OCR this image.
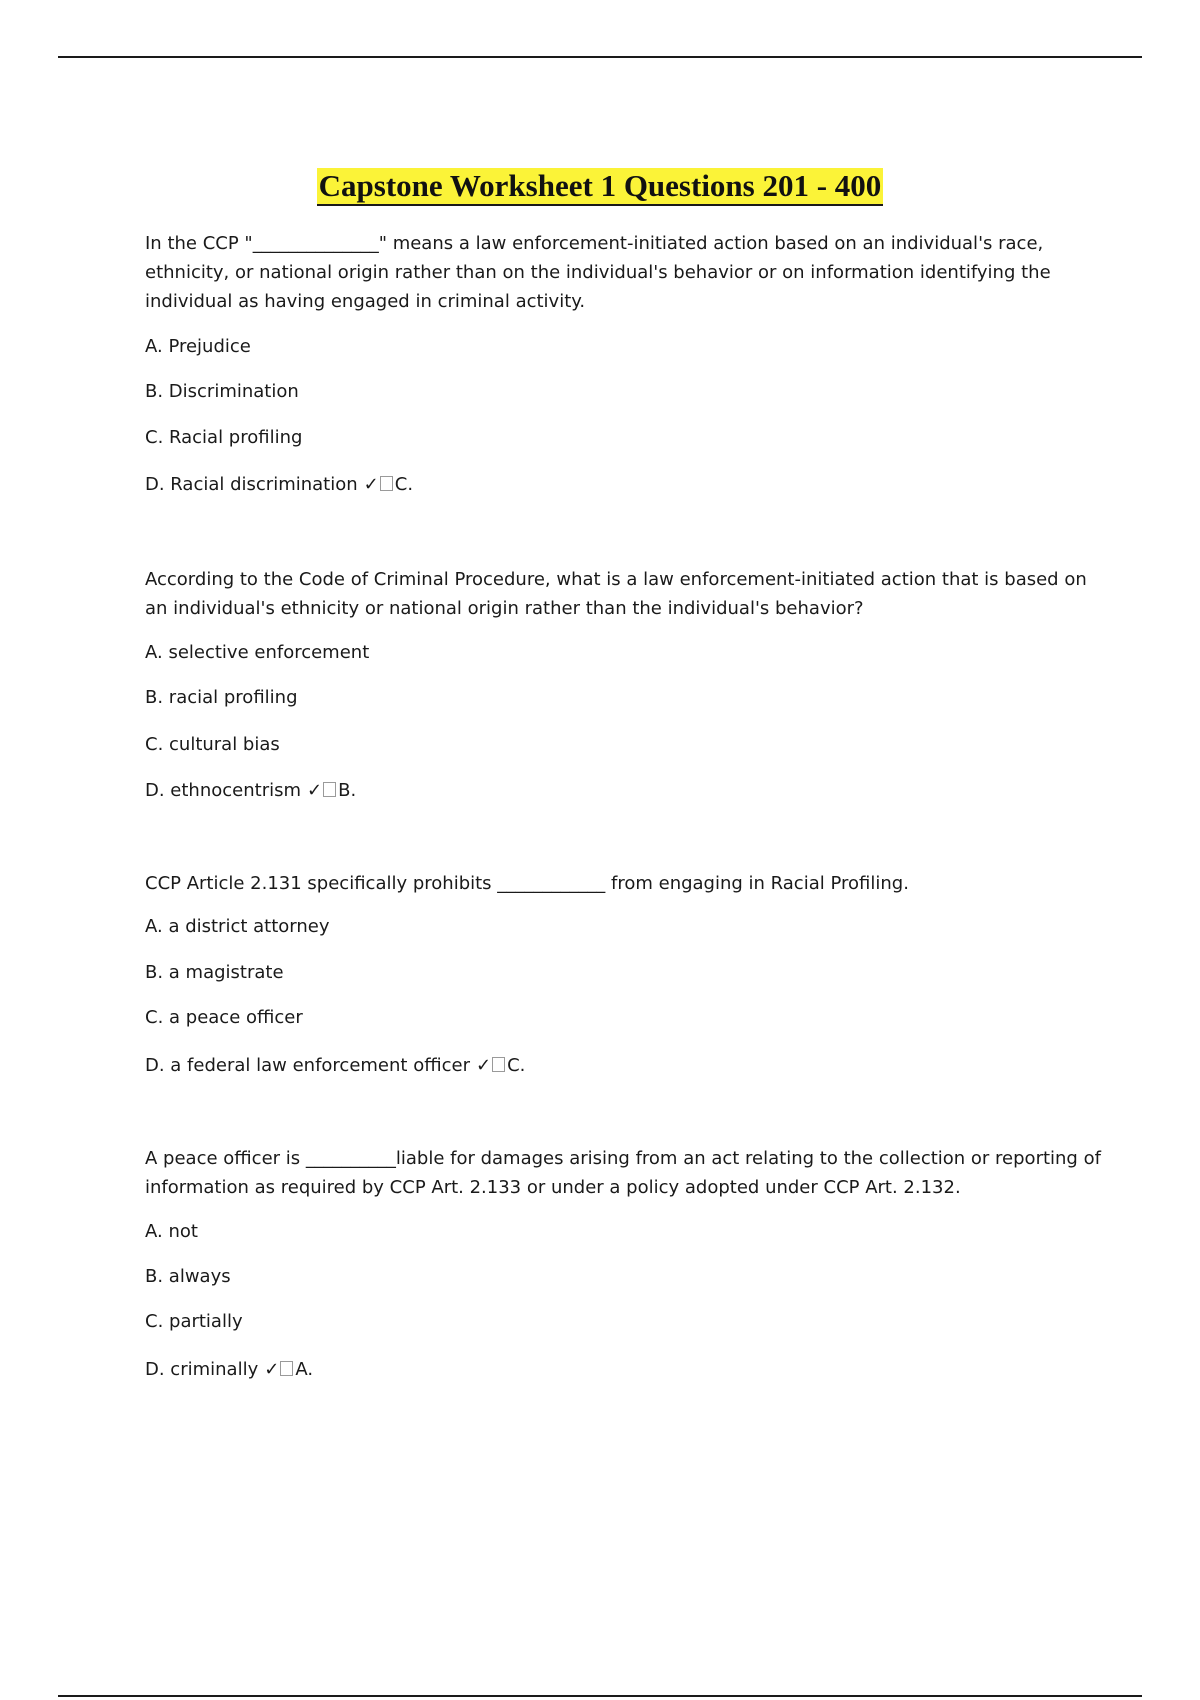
Capstone Worksheet 1 Questions 201 - 400

In the CCP "______________" means a law enforcement-initiated action based on an individual's race, ethnicity, or national origin rather than on the individual's behavior or on information identifying the individual as having engaged in criminal activity.

A. Prejudice
B. Discrimination
C. Racial profiling
D. Racial discrimination ✓ C.

According to the Code of Criminal Procedure, what is a law enforcement-initiated action that is based on an individual's ethnicity or national origin rather than the individual's behavior?

A. selective enforcement
B. racial profiling
C. cultural bias
D. ethnocentrism ✓ B.

CCP Article 2.131 specifically prohibits ____________ from engaging in Racial Profiling.

A. a district attorney
B. a magistrate
C. a peace officer
D. a federal law enforcement officer ✓ C.

A peace officer is __________liable for damages arising from an act relating to the collection or reporting of information as required by CCP Art. 2.133 or under a policy adopted under CCP Art. 2.132.

A. not
B. always
C. partially
D. criminally ✓ A.
